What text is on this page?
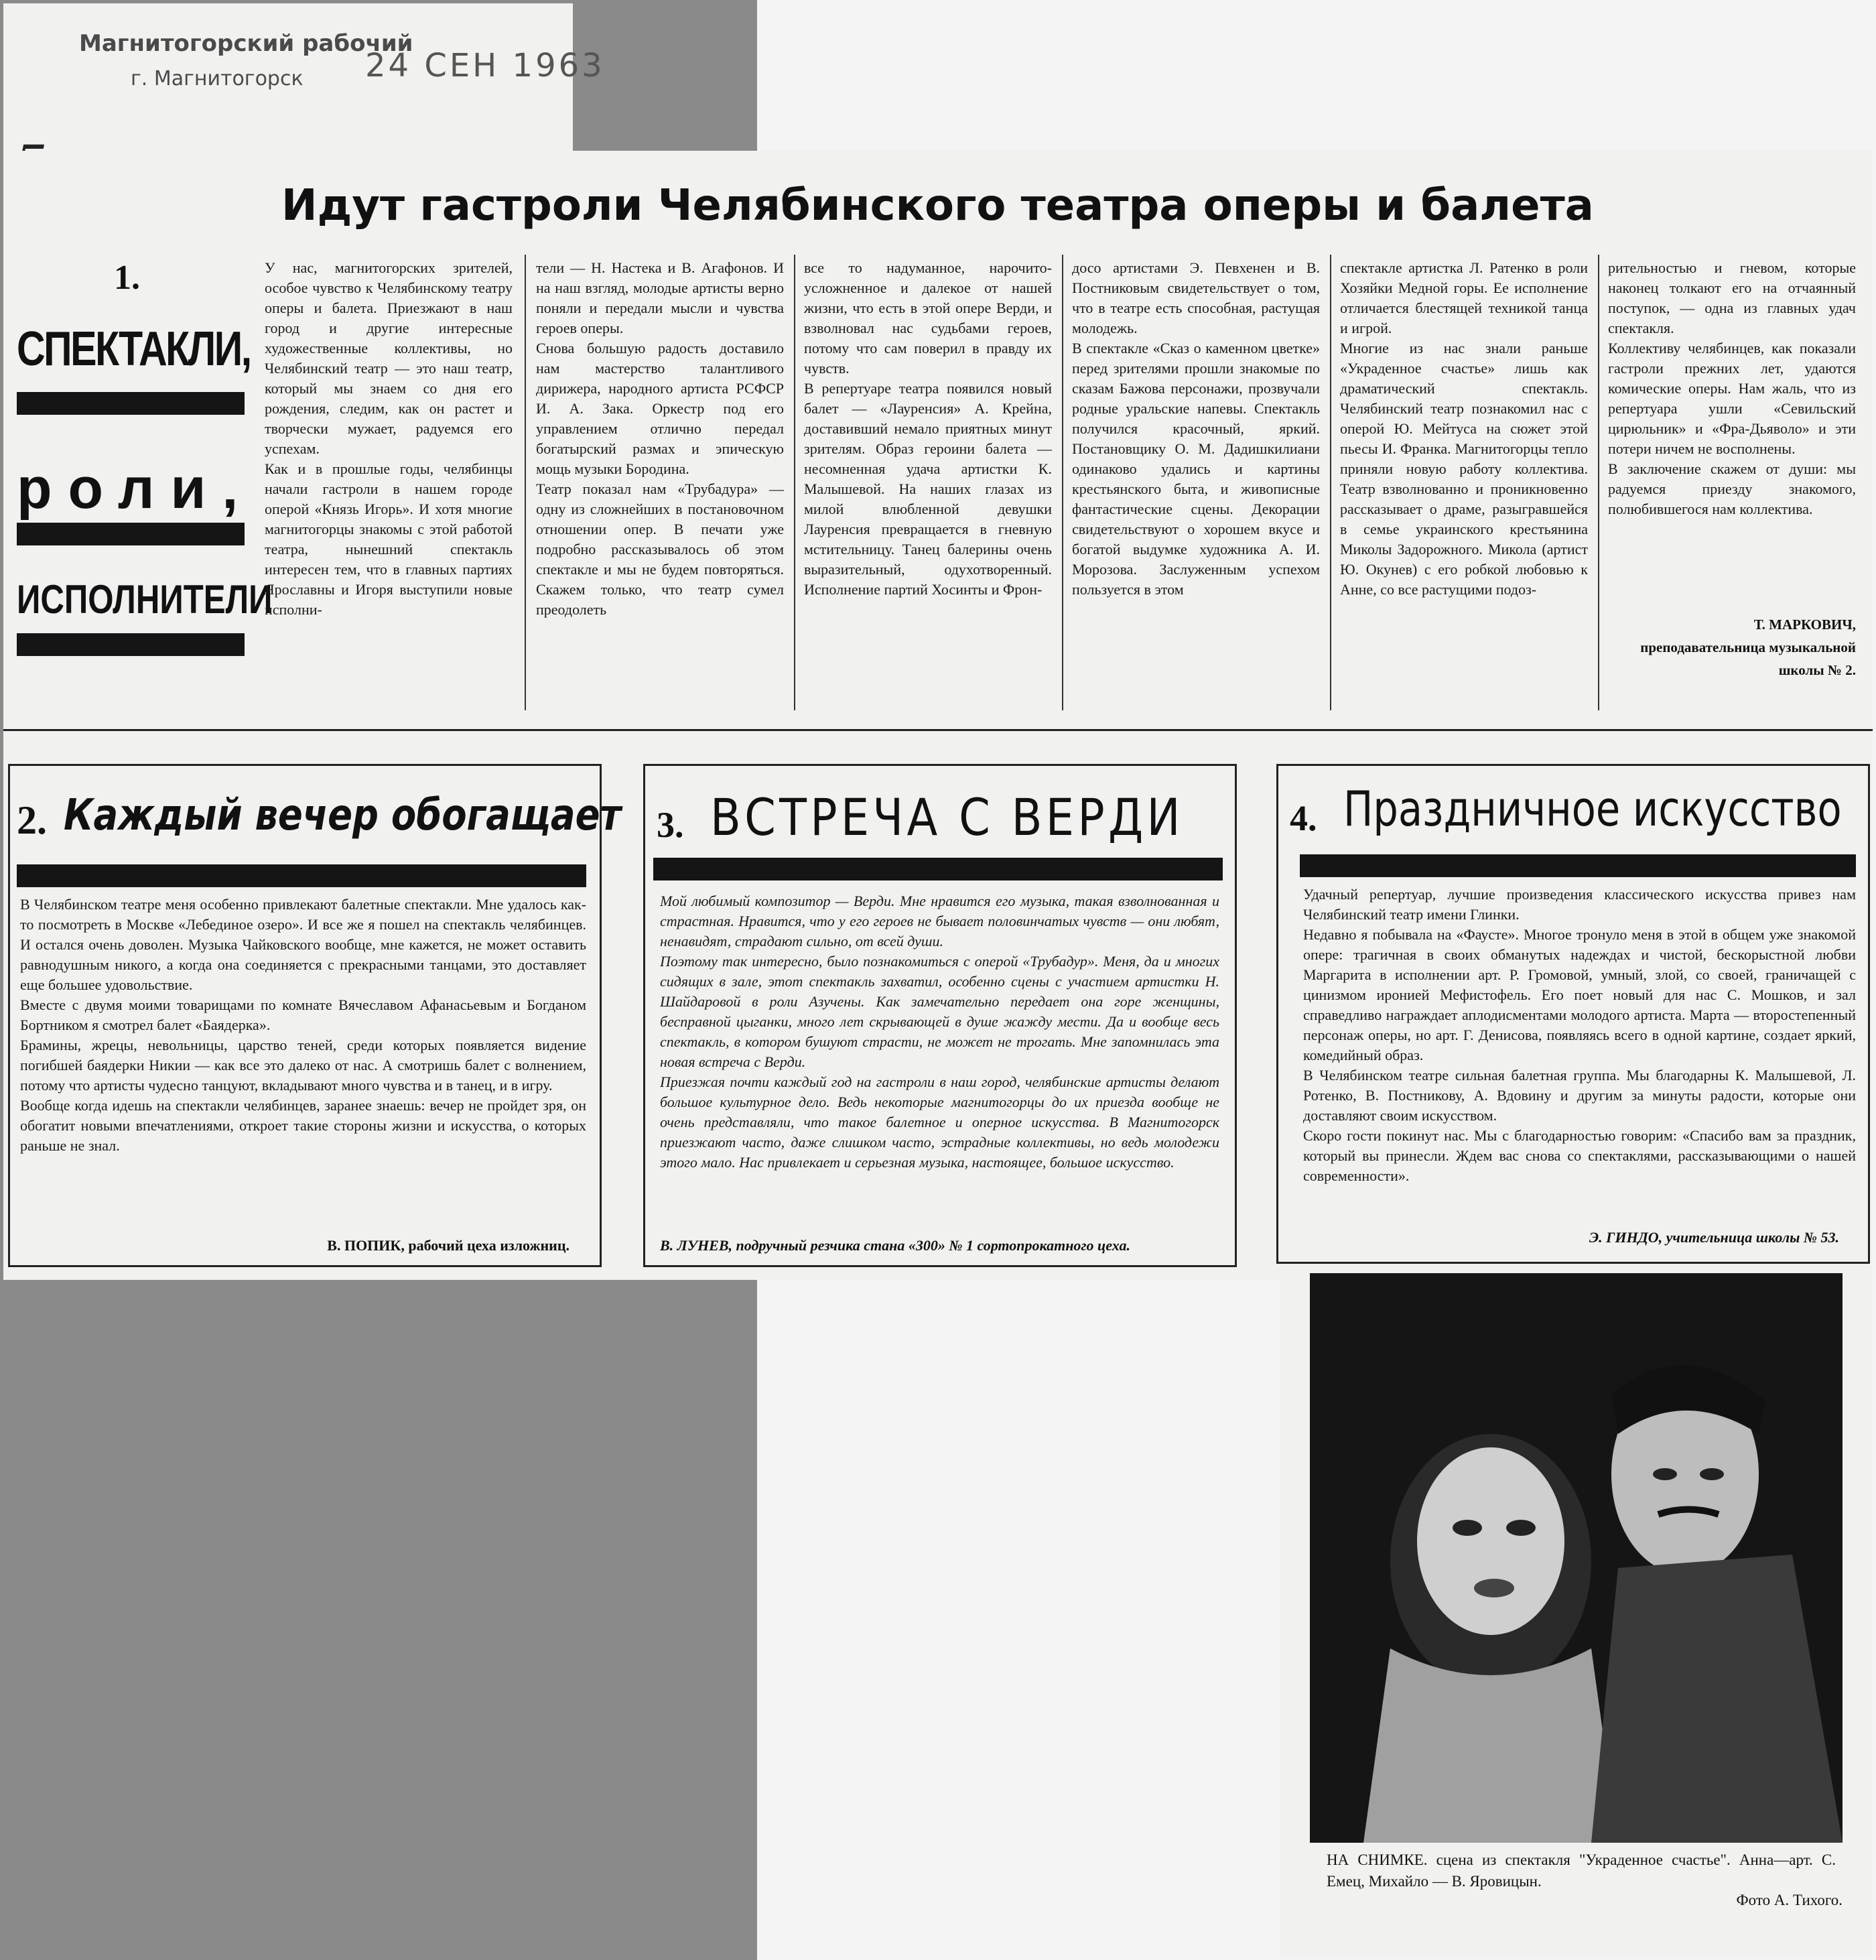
Магнитогорский рабочий
г. Магнитогорск 24 СЕН 1963
Идут гастроли Челябинского театра оперы и балета
1.
СПЕКТАКЛИ,
роли,
ИСПОЛНИТЕЛИ
У нас, магнитогорских зрителей, особое чувство к Челябинскому театру оперы и балета. Приезжают в наш город и другие интересные художественные коллективы, но Челябинский театр — это наш театр, который мы знаем со дня его рождения, следим, как он растет и творчески мужает, радуемся его успехам.
Как и в прошлые годы, челябинцы начали гастроли в нашем городе оперой «Князь Игорь». И хотя многие магнитогорцы знакомы с этой работой театра, нынешний спектакль интересен тем, что в главных партиях Ярославны и Игоря выступили новые исполни-
тели — Н. Настека и В. Агафонов. И на наш взгляд, молодые артисты верно поняли и передали мысли и чувства героев оперы.
Снова большую радость доставило нам мастерство талантливого дирижера, народного артиста РСФСР И. А. Зака. Оркестр под его управлением отлично передал богатырский размах и эпическую мощь музыки Бородина.
Театр показал нам «Трубадура» — одну из сложнейших в постановочном отношении опер. В печати уже подробно рассказывалось об этом спектакле и мы не будем повторяться. Скажем только, что театр сумел преодолеть
все то надуманное, нарочито-усложненное и далекое от нашей жизни, что есть в этой опере Верди, и взволновал нас судьбами героев, потому что сам поверил в правду их чувств.
В репертуаре театра появился новый балет — «Лауренсия» А. Крейна, доставивший немало приятных минут зрителям. Образ героини балета — несомненная удача артистки К. Малышевой. На наших глазах из милой влюбленной девушки Лауренсия превращается в гневную мстительницу. Танец балерины очень выразительный, одухотворенный. Исполнение партий Хосинты и Фрон-
досо артистами Э. Певхенен и В. Постниковым свидетельствует о том, что в театре есть способная, растущая молодежь.
В спектакле «Сказ о каменном цветке» перед зрителями прошли знакомые по сказам Бажова персонажи, прозвучали родные уральские напевы. Спектакль получился красочный, яркий. Постановщику О. М. Дадишкилиани одинаково удались и картины крестьянского быта, и живописные фантастические сцены. Декорации свидетельствуют о хорошем вкусе и богатой выдумке художника А. И. Морозова. Заслуженным успехом пользуется в этом
спектакле артистка Л. Ратенко в роли Хозяйки Медной горы. Ее исполнение отличается блестящей техникой танца и игрой.
Многие из нас знали раньше «Украденное счастье» лишь как драматический спектакль. Челябинский театр познакомил нас с оперой Ю. Мейтуса на сюжет этой пьесы И. Франка. Магнитогорцы тепло приняли новую работу коллектива. Театр взволнованно и проникновенно рассказывает о драме, разыгравшейся в семье украинского крестьянина Миколы Задорожного. Микола (артист Ю. Окунев) с его робкой любовью к Анне, со все растущими подоз-
рительностью и гневом, которые наконец толкают его на отчаянный поступок, — одна из главных удач спектакля.
Коллективу челябинцев, как показали гастроли прежних лет, удаются комические оперы. Нам жаль, что из репертуара ушли «Севильский цирюльник» и «Фра-Дьяволо» и эти потери ничем не восполнены.
В заключение скажем от души: мы радуемся приезду знакомого, полюбившегося нам коллектива.
Т. МАРКОВИЧ,
преподавательница музыкальной школы № 2.
2. Каждый вечер обогащает
В Челябинском театре меня особенно привлекают балетные спектакли. Мне удалось как-то посмотреть в Москве «Лебединое озеро». И все же я пошел на спектакль челябинцев. И остался очень доволен. Музыка Чайковского вообще, мне кажется, не может оставить равнодушным никого, а когда она соединяется с прекрасными танцами, это доставляет еще большее удовольствие.
Вместе с двумя моими товарищами по комнате Вячеславом Афанасьевым и Богданом Бортником я смотрел балет «Баядерка».
Брамины, жрецы, невольницы, царство теней, среди которых появляется видение погибшей баядерки Никии — как все это далеко от нас. А смотришь балет с волнением, потому что артисты чудесно танцуют, вкладывают много чувства и в танец, и в игру.
Вообще когда идешь на спектакли челябинцев, заранее знаешь: вечер не пройдет зря, он обогатит новыми впечатлениями, откроет такие стороны жизни и искусства, о которых раньше не знал.
В. ПОПИК, рабочий цеха изложниц.
3. ВСТРЕЧА С ВЕРДИ
Мой любимый композитор — Верди. Мне нравится его музыка, такая взволнованная и страстная. Нравится, что у его героев не бывает половинчатых чувств — они любят, ненавидят, страдают сильно, от всей души.
Поэтому так интересно, было познакомиться с оперой «Трубадур». Меня, да и многих сидящих в зале, этот спектакль захватил, особенно сцены с участием артистки Н. Шайдаровой в роли Азучены. Как замечательно передает она горе женщины, бесправной цыганки, много лет скрывающей в душе жажду мести. Да и вообще весь спектакль, в котором бушуют страсти, не может не трогать. Мне запомнилась эта новая встреча с Верди.
Приезжая почти каждый год на гастроли в наш город, челябинские артисты делают большое культурное дело. Ведь некоторые магнитогорцы до их приезда вообще не очень представляли, что такое балетное и оперное искусства. В Магнитогорск приезжают часто, даже слишком часто, эстрадные коллективы, но ведь молодежи этого мало. Нас привлекает и серьезная музыка, настоящее, большое искусство.
В. ЛУНЕВ, подручный резчика стана «300» № 1 сортопрокатного цеха.
4. Праздничное искусство
Удачный репертуар, лучшие произведения классического искусства привез нам Челябинский театр имени Глинки.
Недавно я побывала на «Фаусте». Многое тронуло меня в этой в общем уже знакомой опере: трагичная в своих обманутых надеждах и чистой, бескорыстной любви Маргарита в исполнении арт. Р. Громовой, умный, злой, со своей, граничащей с цинизмом иронией Мефистофель. Его поет новый для нас С. Мошков, и зал справедливо награждает аплодисментами молодого артиста. Марта — второстепенный персонаж оперы, но арт. Г. Денисова, появляясь всего в одной картине, создает яркий, комедийный образ.
В Челябинском театре сильная балетная группа. Мы благодарны К. Малышевой, Л. Ротенко, В. Постникову, А. Вдовину и другим за минуты радости, которые они доставляют своим искусством.
Скоро гости покинут нас. Мы с благодарностью говорим: «Спасибо вам за праздник, который вы принесли. Ждем вас снова со спектаклями, рассказывающими о нашей современности».
Э. ГИНДО, учительница школы № 53.
НА СНИМКЕ. сцена из спектакля "Украденное счастье". Анна—арт. С. Емец, Михайло — В. Яровицын.
Фото А. Тихого.
